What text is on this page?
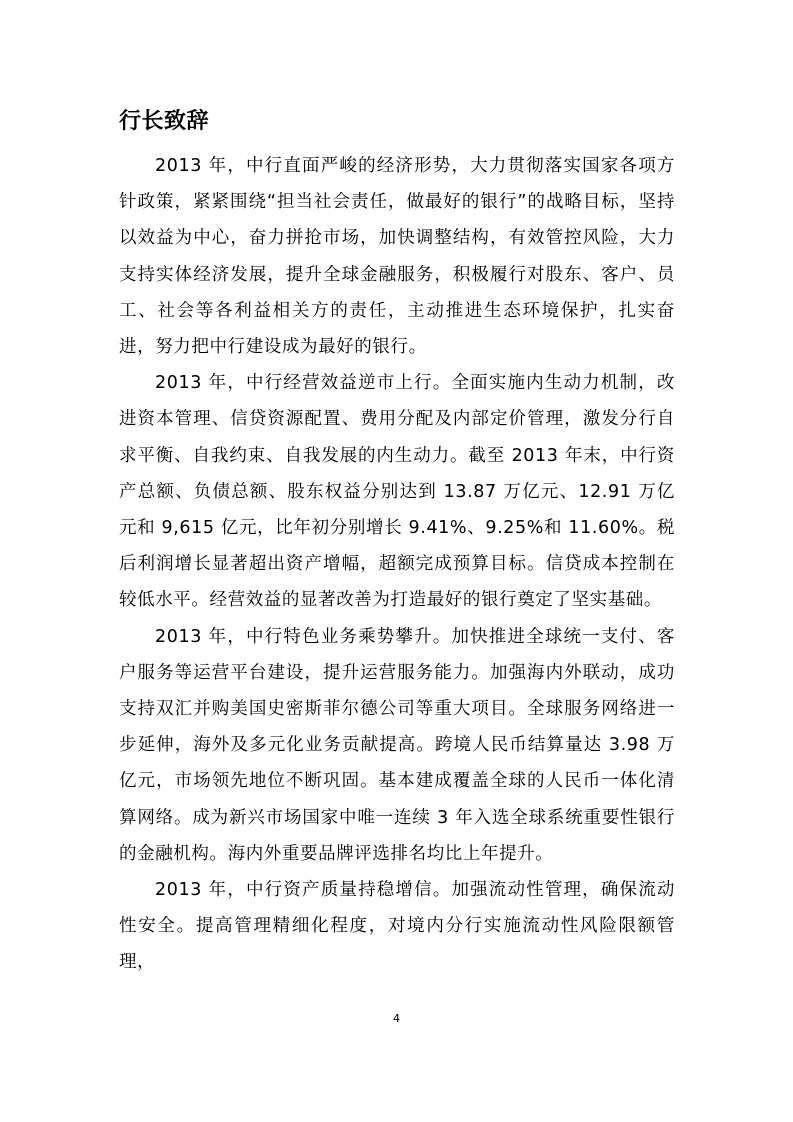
行长致辞

2013 年，中行直面严峻的经济形势，大力贯彻落实国家各项方针政策，紧紧围绕“担当社会责任，做最好的银行”的战略目标，坚持以效益为中心，奋力拼抢市场，加快调整结构，有效管控风险，大力支持实体经济发展，提升全球金融服务，积极履行对股东、客户、员工、社会等各利益相关方的责任，主动推进生态环境保护，扎实奋进，努力把中行建设成为最好的银行。

2013 年，中行经营效益逆市上行。全面实施内生动力机制，改进资本管理、信贷资源配置、费用分配及内部定价管理，激发分行自求平衡、自我约束、自我发展的内生动力。截至 2013 年末，中行资产总额、负债总额、股东权益分别达到 13.87 万亿元、12.91 万亿元和 9,615 亿元，比年初分别增长 9.41%、9.25%和 11.60%。税后利润增长显著超出资产增幅，超额完成预算目标。信贷成本控制在较低水平。经营效益的显著改善为打造最好的银行奠定了坚实基础。

2013 年，中行特色业务乘势攀升。加快推进全球统一支付、客户服务等运营平台建设，提升运营服务能力。加强海内外联动，成功支持双汇并购美国史密斯菲尔德公司等重大项目。全球服务网络进一步延伸，海外及多元化业务贡献提高。跨境人民币结算量达 3.98 万亿元，市场领先地位不断巩固。基本建成覆盖全球的人民币一体化清算网络。成为新兴市场国家中唯一连续 3 年入选全球系统重要性银行的金融机构。海内外重要品牌评选排名均比上年提升。

2013 年，中行资产质量持稳增信。加强流动性管理，确保流动性安全。提高管理精细化程度，对境内分行实施流动性风险限额管理，

4
